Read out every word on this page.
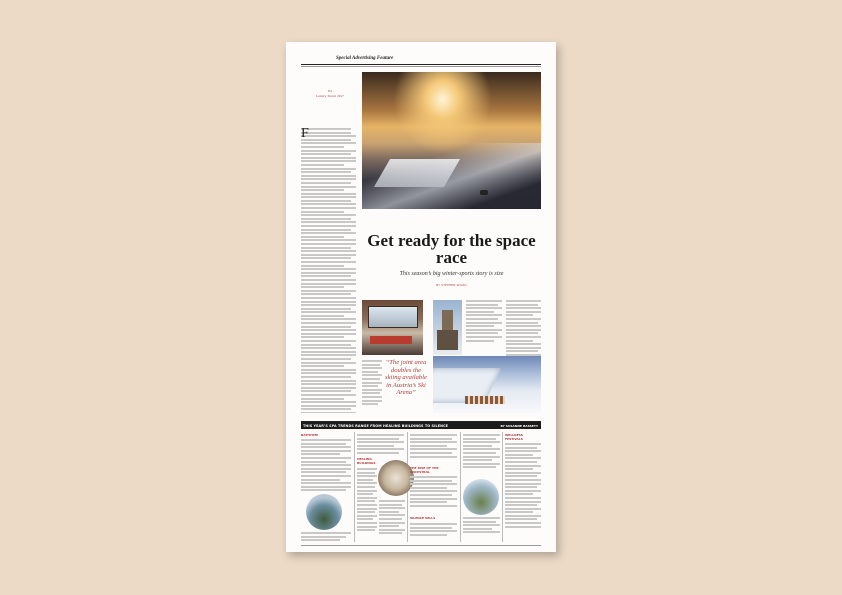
Special Advertising Feature
P4
Luxury Travel 2017
F
Get ready for the space race
This season’s big winter-sports story is size
BY STEPHEN WOOD
“The joint area doubles the skiing available in Austria’s Ski Arena”
THIS YEAR’S SPA TRENDS RANGE FROM HEALING BUILDINGS TO SILENCE	BY SUSANNE BASSETT
BATHTIME
HEALING BUILDINGS
THE RISE OF THE ANCESTRAL
SILENCE SELLS
WELLNESS FESTIVALS
